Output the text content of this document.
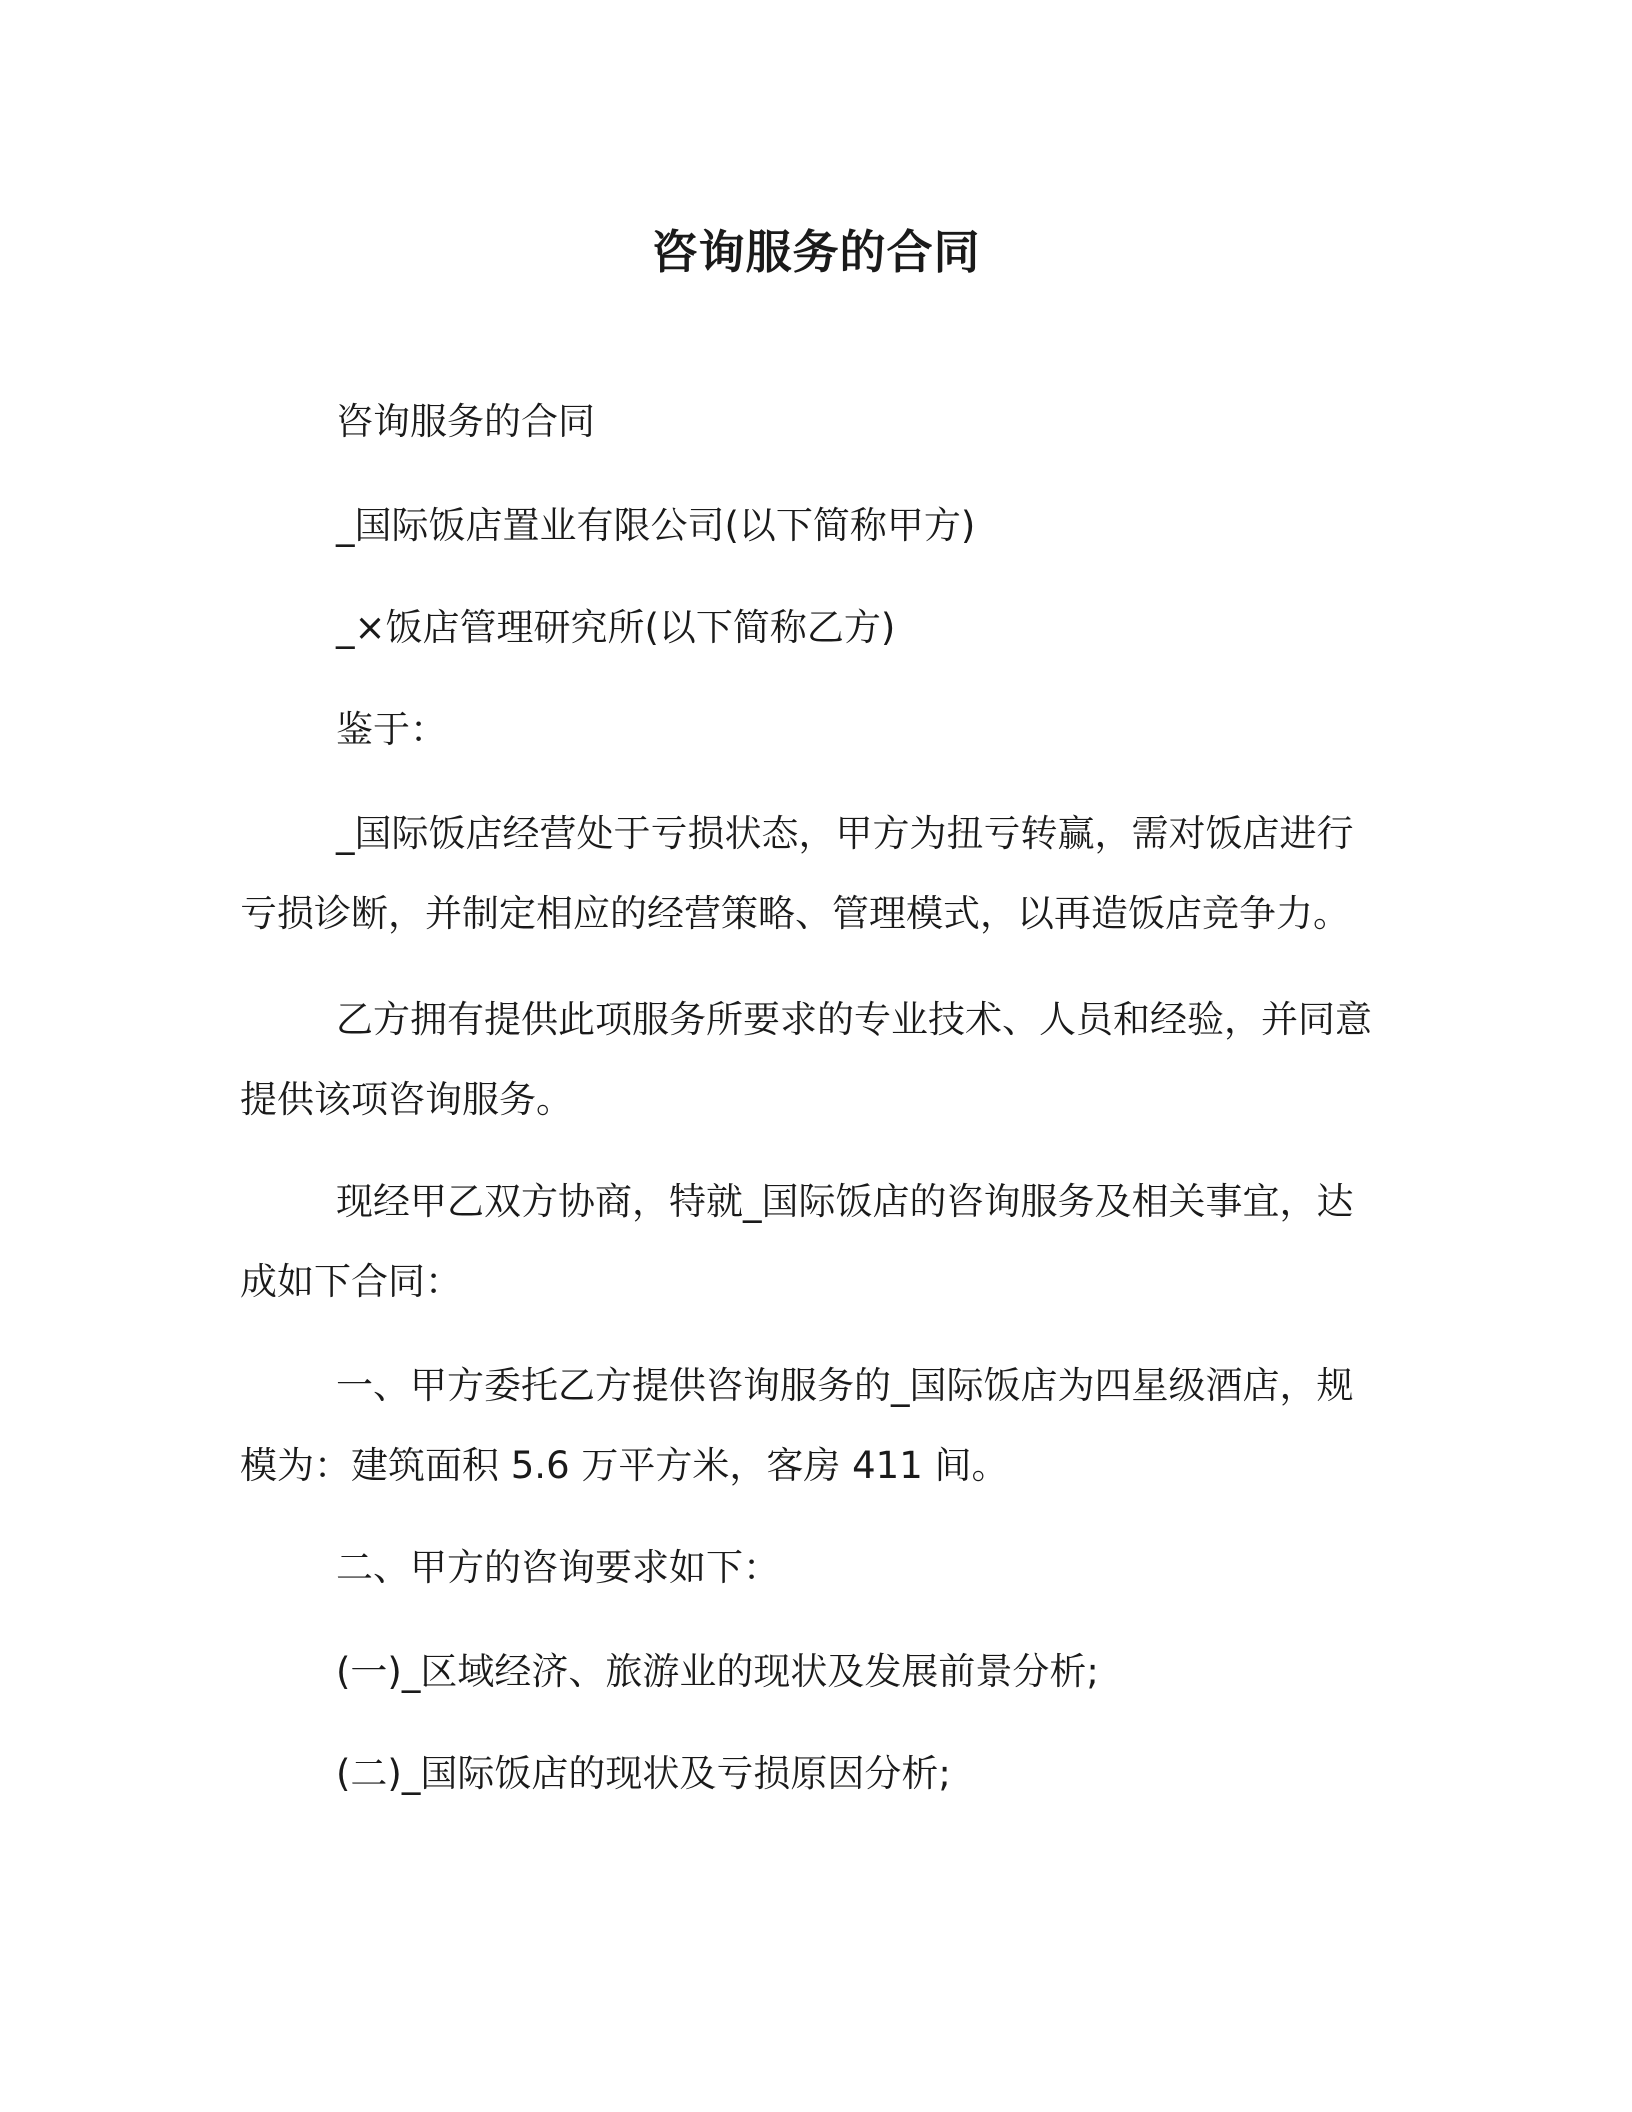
咨询服务的合同

咨询服务的合同

_国际饭店置业有限公司(以下简称甲方)

_×饭店管理研究所(以下简称乙方)

鉴于：

_国际饭店经营处于亏损状态，甲方为扭亏转赢，需对饭店进行亏损诊断，并制定相应的经营策略、管理模式，以再造饭店竞争力。

乙方拥有提供此项服务所要求的专业技术、人员和经验，并同意提供该项咨询服务。

现经甲乙双方协商，特就_国际饭店的咨询服务及相关事宜，达成如下合同：

一、甲方委托乙方提供咨询服务的_国际饭店为四星级酒店，规模为：建筑面积 5.6 万平方米，客房 411 间。

二、甲方的咨询要求如下：

(一)_区域经济、旅游业的现状及发展前景分析;

(二)_国际饭店的现状及亏损原因分析;
